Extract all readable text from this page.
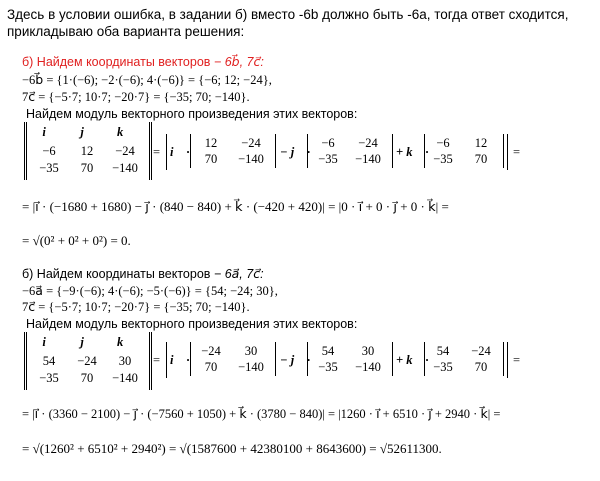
Здесь в условии ошибка, в задании б) вместо -6b должно быть -6а, тогда ответ сходится, прикладываю оба варианта решения:
б) Найдем координаты векторов − 6b⃗, 7c⃗:
−6b⃗ = {1·(−6); −2·(−6); 4·(−6)} = {−6; 12; −24},
7c⃗ = {−5·7; 10·7; −20·7} = {−35; 70; −140}.
Найдем модуль векторного произведения этих векторов:
i⃗	j⃗	k⃗
−6	12	−24
−35	70	−140
= i⃗ ·
12	−24
70	−140	− j⃗ ·
−6	−24
−35	−140	+ k⃗ ·
−6	12
−35	70	=
= |i⃗ · (−1680 + 1680) − j⃗ · (840 − 840) + k⃗ · (−420 + 420)| = |0 · i⃗ + 0 · j⃗ + 0 · k⃗| =
= √(0² + 0² + 0²) = 0.
б) Найдем координаты векторов − 6a⃗, 7c⃗:
−6a⃗ = {−9·(−6); 4·(−6); −5·(−6)} = {54; −24; 30},
7c⃗ = {−5·7; 10·7; −20·7} = {−35; 70; −140}.
Найдем модуль векторного произведения этих векторов:
i⃗	j⃗	k⃗
54	−24	30
−35	70	−140
= i⃗ ·
−24	30
70	−140	− j⃗ ·
54	30
−35	−140	+ k⃗ ·
54	−24
−35	70	=
= |i⃗ · (3360 − 2100) − j⃗ · (−7560 + 1050) + k⃗ · (3780 − 840)| = |1260 · i⃗ + 6510 · j⃗ + 2940 · k⃗| =
= √(1260² + 6510² + 2940²) = √(1587600 + 42380100 + 8643600) = √52611300.
